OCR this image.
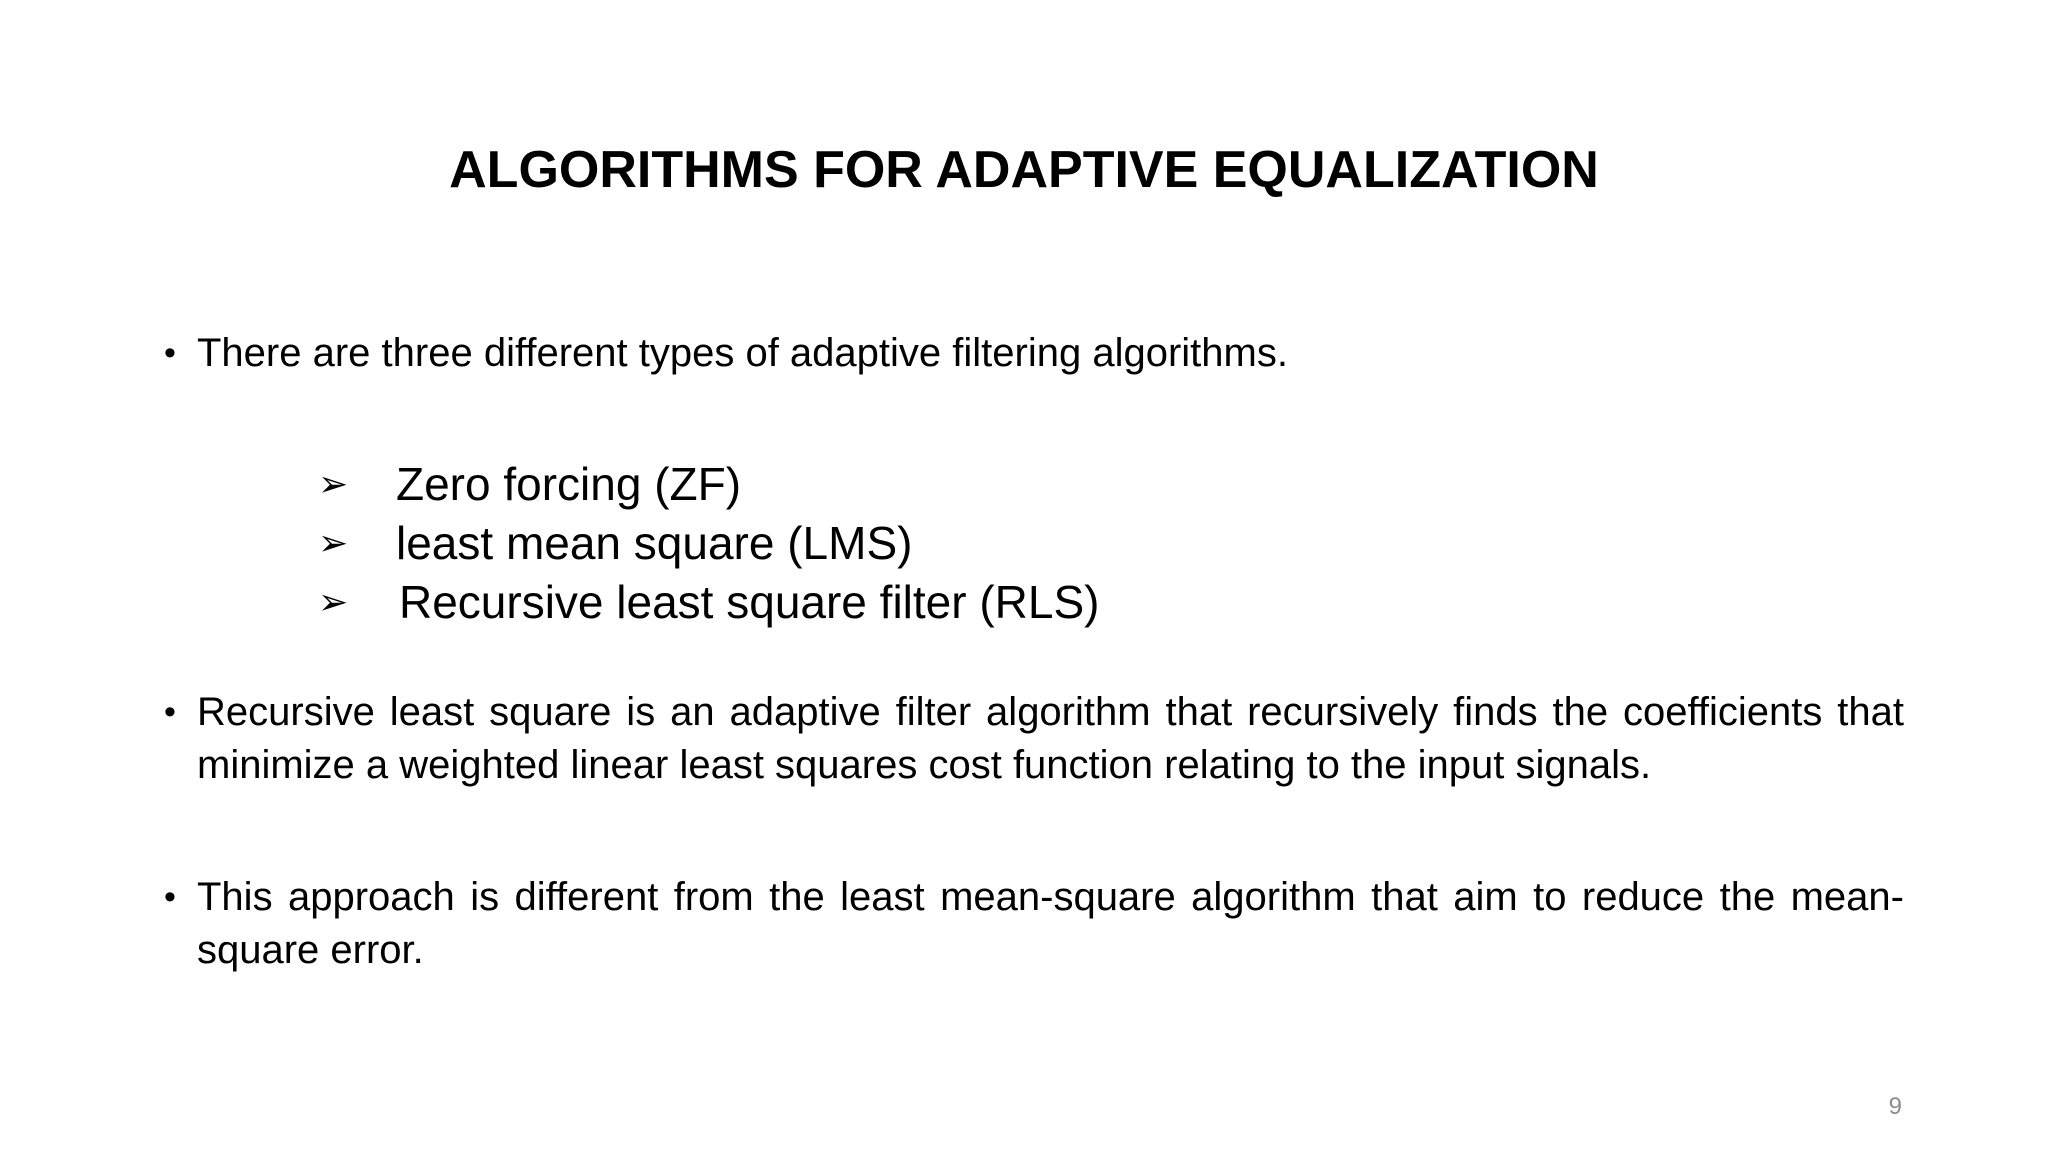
ALGORITHMS FOR ADAPTIVE EQUALIZATION
• There are three different types of adaptive filtering algorithms.
➢	Zero forcing (ZF)
➢	least mean square (LMS)
➢	Recursive least square filter (RLS)
• Recursive least square is an adaptive filter algorithm that recursively finds the coefficients that minimize a weighted linear least squares cost function relating to the input signals.
• This approach is different from the least mean-square algorithm that aim to reduce the mean-square error.
9
